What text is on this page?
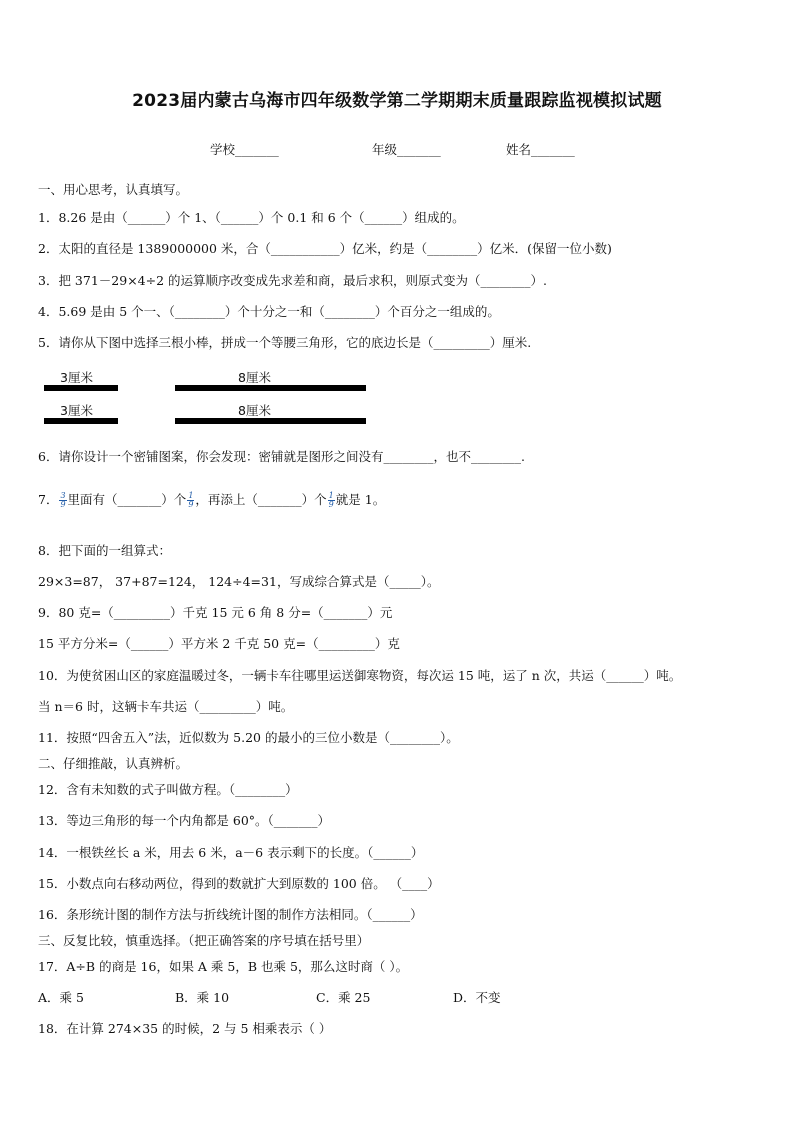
2023届内蒙古乌海市四年级数学第二学期期末质量跟踪监视模拟试题
学校_______	年级_______	姓名_______
一、用心思考，认真填写。
1．8.26 是由（______）个 1、（______）个 0.1 和 6 个（______）组成的。
2．太阳的直径是 1389000000 米，合（___________）亿米，约是（________）亿米．(保留一位小数)
3．把 371－29×4÷2 的运算顺序改变成先求差和商，最后求积，则原式变为（________）.
4．5.69 是由 5 个一、（________）个十分之一和（________）个百分之一组成的。
5．请你从下图中选择三根小棒，拼成一个等腰三角形，它的底边长是（_________）厘米.
3厘米	8厘米
3厘米	8厘米
6．请你设计一个密铺图案，你会发现：密铺就是图形之间没有________，也不________.
7． $\frac{3}{9}$ 里面有（_______）个 $\frac{1}{9}$ ，再添上（_______）个 $\frac{1}{9}$ 就是 1。
8．把下面的一组算式：
29×3=87， 37+87=124， 124÷4=31，写成综合算式是（_____）。
9．80 克=（_________）千克 15 元 6 角 8 分=（_______）元
15 平方分米=（______）平方米 2 千克 50 克=（_________）克
10．为使贫困山区的家庭温暖过冬，一辆卡车往哪里运送御寒物资，每次运 15 吨，运了 n 次，共运（______）吨。
当 n＝6 时，这辆卡车共运（_________）吨。
11．按照“四舍五入”法，近似数为 5.20 的最小的三位小数是（________）。
二、仔细推敲，认真辨析。
12．含有未知数的式子叫做方程。（________）
13．等边三角形的每一个内角都是 60°。（_______）
14．一根铁丝长 a 米，用去 6 米，a－6 表示剩下的长度。（______）
15．小数点向右移动两位，得到的数就扩大到原数的 100 倍。 （____）
16．条形统计图的制作方法与折线统计图的制作方法相同。（______）
三、反复比较，慎重选择。（把正确答案的序号填在括号里）
17．A÷B 的商是 16，如果 A 乘 5，B 也乘 5，那么这时商（ ）。
A．乘 5	B．乘 10	C．乘 25	D．不变
18．在计算 274×35 的时候，2 与 5 相乘表示（ ）
